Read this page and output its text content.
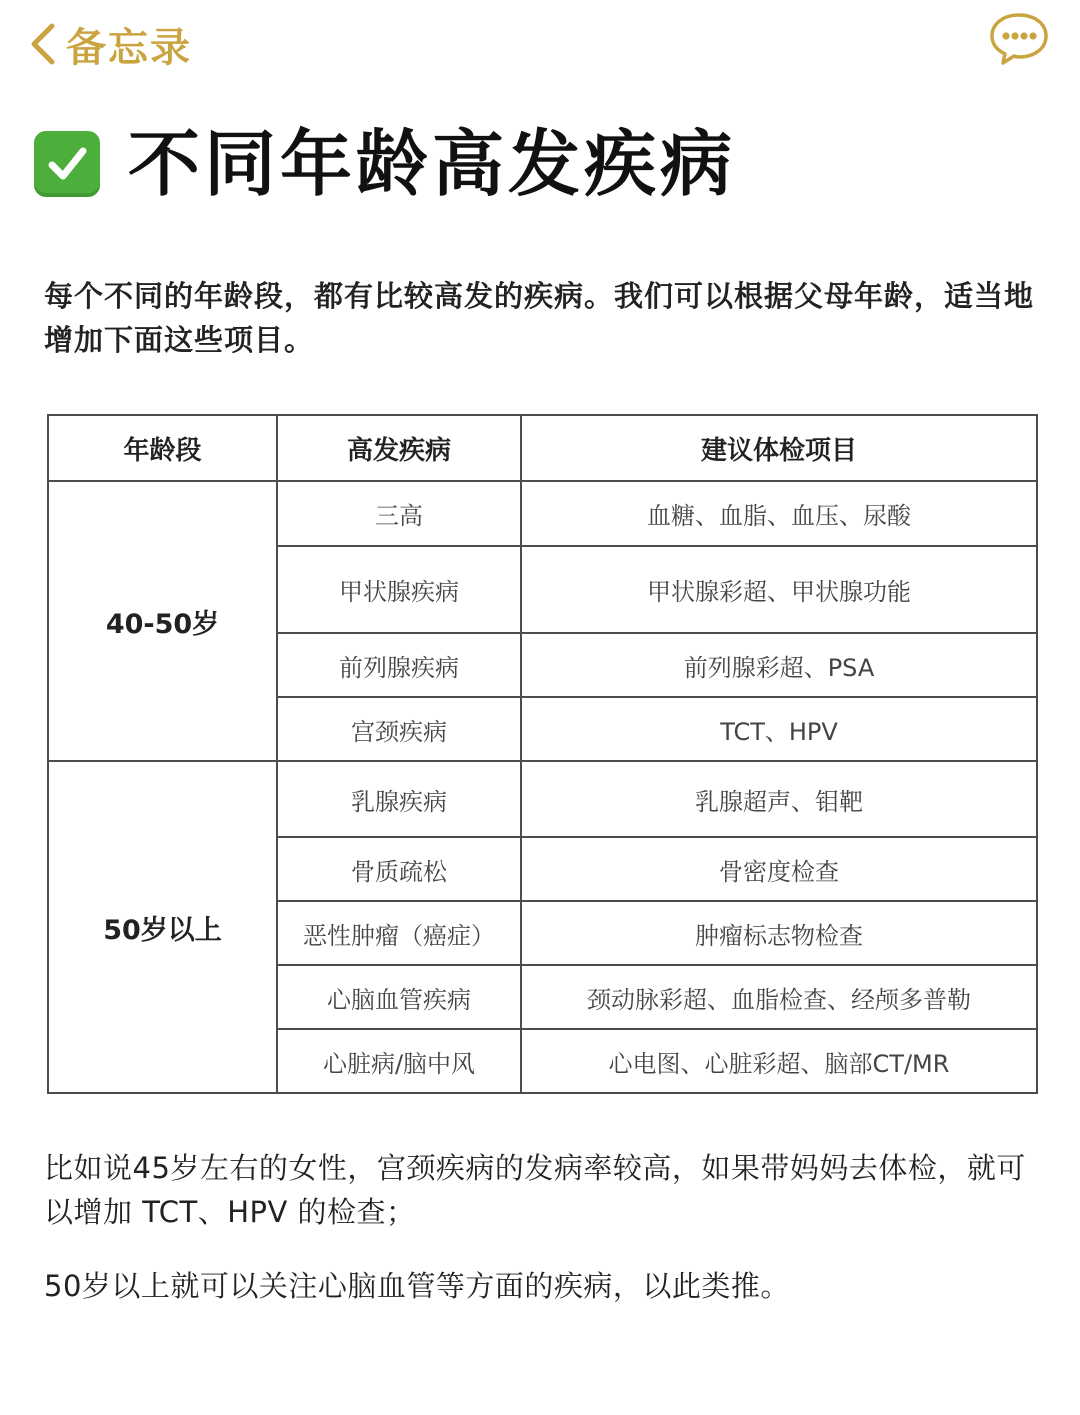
备忘录
不同年龄高发疾病
每个不同的年龄段，都有比较高发的疾病。我们可以根据父母年龄，适当地增加下面这些项目。
年龄段	高发疾病	建议体检项目
40-50岁	三高	血糖、血脂、血压、尿酸
	甲状腺疾病	甲状腺彩超、甲状腺功能
	前列腺疾病	前列腺彩超、PSA
	宫颈疾病	TCT、HPV
50岁以上	乳腺疾病	乳腺超声、钼靶
	骨质疏松	骨密度检查
	恶性肿瘤（癌症）	肿瘤标志物检查
	心脑血管疾病	颈动脉彩超、血脂检查、经颅多普勒
	心脏病/脑中风	心电图、心脏彩超、脑部CT/MR
比如说45岁左右的女性，宫颈疾病的发病率较高，如果带妈妈去体检，就可以增加 TCT、HPV 的检查；
50岁以上就可以关注心脑血管等方面的疾病，以此类推。
